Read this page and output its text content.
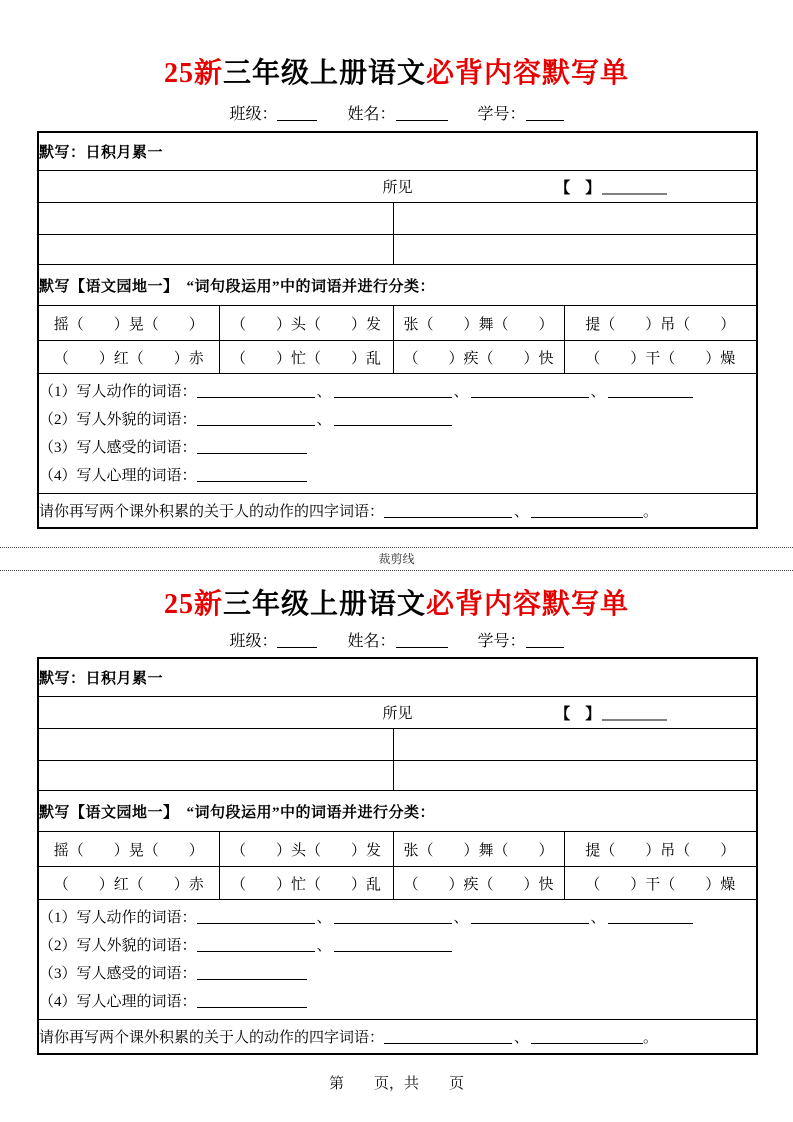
25新三年级上册语文必背内容默写单
班级：	姓名：	学号：
默写：日积月累一			
所见 【　】			

默写【语文园地一】　“词句段运用”中的词语并进行分类：			
摇（　　）晃（　　）	（　　）头（　　）发	张（　　）舞（　　）	提（　　）吊（　　）
（　　）红（　　）赤	（　　）忙（　　）乱	（　　）疾（　　）快	（　　）干（　　）燥

（1）写人动作的词语： 、 、 、
（2）写人外貌的词语： 、
（3）写人感受的词语：
（4）写人心理的词语：			

请你再写两个课外积累的关于人的动作的四字词语： 、 。			
裁剪线
25新三年级上册语文必背内容默写单
班级：	姓名：	学号：
默写：日积月累一			
所见 【　】			

默写【语文园地一】　“词句段运用”中的词语并进行分类：			
摇（　　）晃（　　）	（　　）头（　　）发	张（　　）舞（　　）	提（　　）吊（　　）
（　　）红（　　）赤	（　　）忙（　　）乱	（　　）疾（　　）快	（　　）干（　　）燥

（1）写人动作的词语： 、 、 、
（2）写人外貌的词语： 、
（3）写人感受的词语：
（4）写人心理的词语：			

请你再写两个课外积累的关于人的动作的四字词语： 、 。			
第　　页，共　　页
